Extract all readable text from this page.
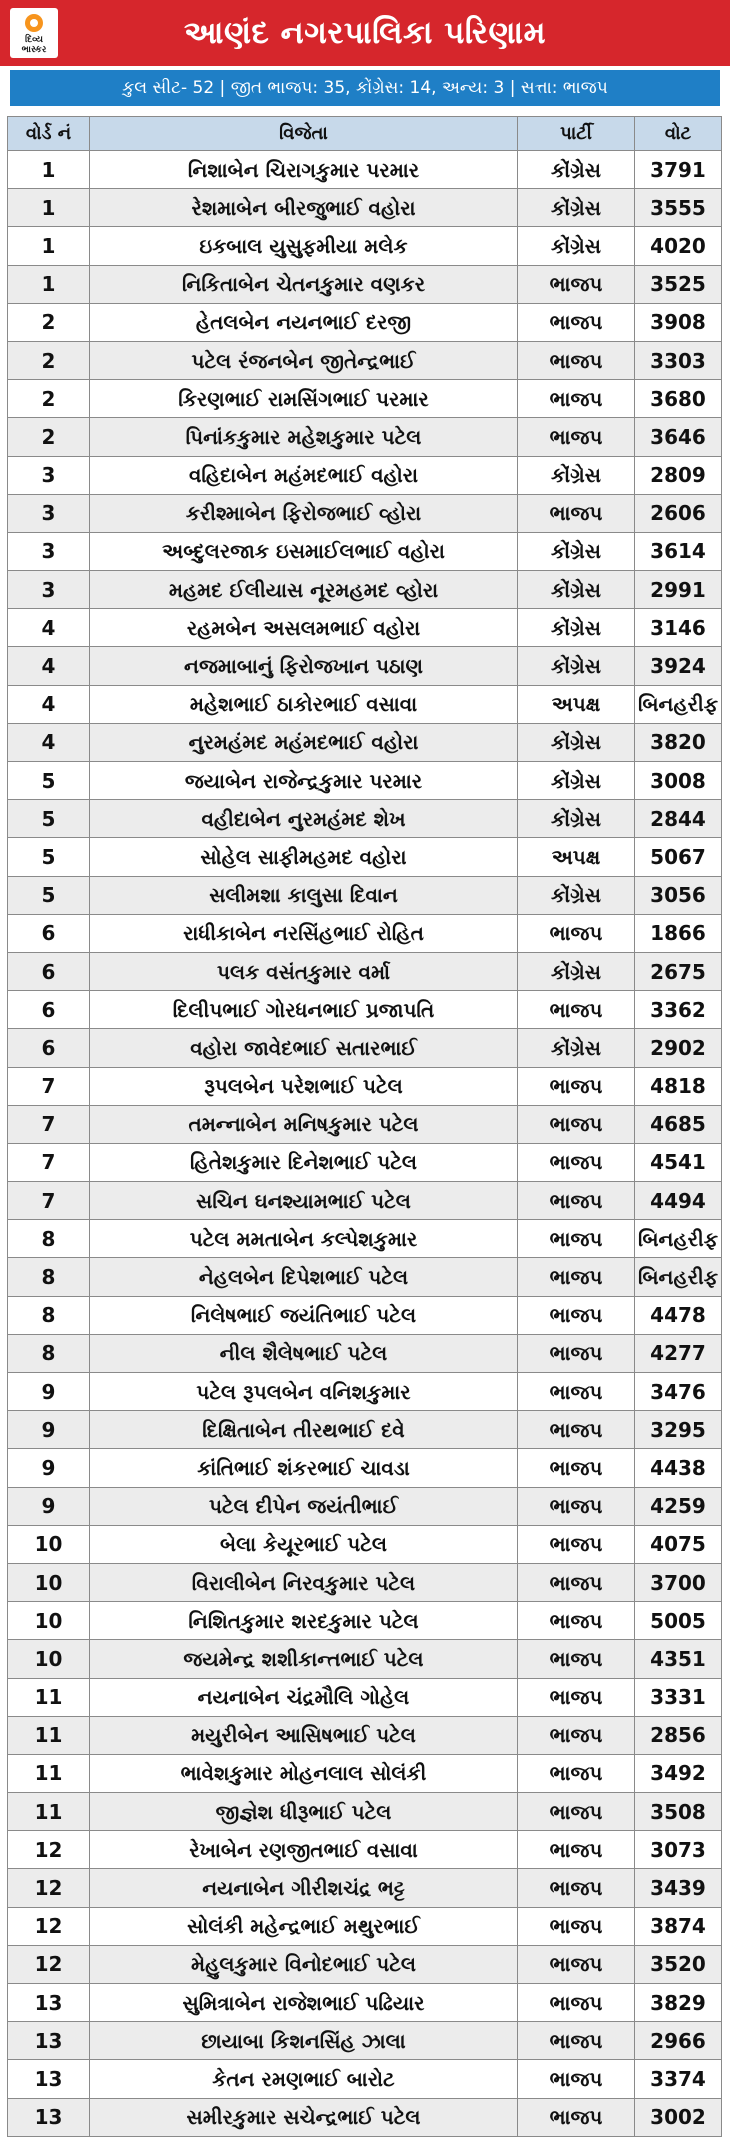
દિવ્ય
ભાસ્કર	આણંદ નગરપાલિકા પરિણામ
કુલ સીટ- 52 | જીત ભાજપ: 35, કોંગ્રેસ: 14, અન્ય: 3 | સત્તા: ભાજપ
વોર્ડ નં	વિજેતા	પાર્ટી	વોટ
1	નિશાબેન ચિરાગકુમાર પરમાર	કોંગ્રેસ	3791
1	રેશમાબેન બીરજુભાઈ વહોરા	કોંગ્રેસ	3555
1	ઇકબાલ યુસુફમીયા મલેક	કોંગ્રેસ	4020
1	નિકિતાબેન ચેતનકુમાર વણકર	ભાજપ	3525
2	હેતલબેન નયનભાઈ દરજી	ભાજપ	3908
2	પટેલ રંજનબેન જીતેન્દ્રભાઈ	ભાજપ	3303
2	કિરણભાઈ રામસિંગભાઈ પરમાર	ભાજપ	3680
2	પિનાંકકુમાર મહેશકુમાર પટેલ	ભાજપ	3646
3	વહિદાબેન મહંમદભાઈ વહોરા	કોંગ્રેસ	2809
3	કરીશ્માબેન ફિરોજભાઈ વ્હોરા	ભાજપ	2606
3	અબ્દુલરજાક ઇસમાઈલભાઈ વહોરા	કોંગ્રેસ	3614
3	મહમદ ઈલીયાસ નૂરમહમદ વ્હોરા	કોંગ્રેસ	2991
4	રહમબેન અસલમભાઈ વહોરા	કોંગ્રેસ	3146
4	નજમાબાનું ફિરોજખાન પઠાણ	કોંગ્રેસ	3924
4	મહેશભાઈ ઠાકોરભાઈ વસાવા	અપક્ષ	બિનહરીફ
4	નુરમહંમદ મહંમદભાઈ વહોરા	કોંગ્રેસ	3820
5	જયાબેન રાજેન્દ્રકુમાર પરમાર	કોંગ્રેસ	3008
5	વહીદાબેન નુરમહંમદ શેખ	કોંગ્રેસ	2844
5	સોહેલ સાફીમહમદ વહોરા	અપક્ષ	5067
5	સલીમશા કાલુસા દિવાન	કોંગ્રેસ	3056
6	રાધીકાબેન નરસિંહભાઈ રોહિત	ભાજપ	1866
6	પલક વસંતકુમાર વર્મા	કોંગ્રેસ	2675
6	દિલીપભાઈ ગોરધનભાઈ પ્રજાપતિ	ભાજપ	3362
6	વહોરા જાવેદભાઈ સતારભાઈ	કોંગ્રેસ	2902
7	રૂપલબેન પરેશભાઈ પટેલ	ભાજપ	4818
7	તમન્નાબેન મનિષકુમાર પટેલ	ભાજપ	4685
7	હિતેશકુમાર દિનેશભાઈ પટેલ	ભાજપ	4541
7	સચિન ઘનશ્યામભાઈ પટેલ	ભાજપ	4494
8	પટેલ મમતાબેન કલ્પેશકુમાર	ભાજપ	બિનહરીફ
8	નેહલબેન દિપેશભાઈ પટેલ	ભાજપ	બિનહરીફ
8	નિલેષભાઈ જયંતિભાઈ પટેલ	ભાજપ	4478
8	નીલ શૈલેષભાઈ પટેલ	ભાજપ	4277
9	પટેલ રૂપલબેન વનિશકુમાર	ભાજપ	3476
9	દિક્ષિતાબેન તીરથભાઈ દવે	ભાજપ	3295
9	કાંતિભાઈ શંકરભાઈ ચાવડા	ભાજપ	4438
9	પટેલ દીપેન જયંતીભાઈ	ભાજપ	4259
10	બેલા કેયૂરભાઈ પટેલ	ભાજપ	4075
10	વિરાલીબેન નિરવકુમાર પટેલ	ભાજપ	3700
10	નિશિતકુમાર શરદકુમાર પટેલ	ભાજપ	5005
10	જયમેન્દ્ર શશીકાન્તભાઈ પટેલ	ભાજપ	4351
11	નયનાબેન ચંદ્રમૌલિ ગોહેલ	ભાજપ	3331
11	મયુરીબેન આસિષભાઈ પટેલ	ભાજપ	2856
11	ભાવેશકુમાર મોહનલાલ સોલંકી	ભાજપ	3492
11	જીજ્ઞેશ ધીરૂભાઈ પટેલ	ભાજપ	3508
12	રેખાબેન રણજીતભાઈ વસાવા	ભાજપ	3073
12	નયનાબેન ગીરીશચંદ્ર ભટ્ટ	ભાજપ	3439
12	સોલંકી મહેન્દ્રભાઈ મથુરભાઈ	ભાજપ	3874
12	મેહુલકુમાર વિનોદભાઈ પટેલ	ભાજપ	3520
13	સુમિત્રાબેન રાજેશભાઈ પઢિયાર	ભાજપ	3829
13	છાયાબા કિશનસિંહ ઝાલા	ભાજપ	2966
13	કેતન રમણભાઈ બારોટ	ભાજપ	3374
13	સમીરકુમાર સચેન્દ્રભાઈ પટેલ	ભાજપ	3002
